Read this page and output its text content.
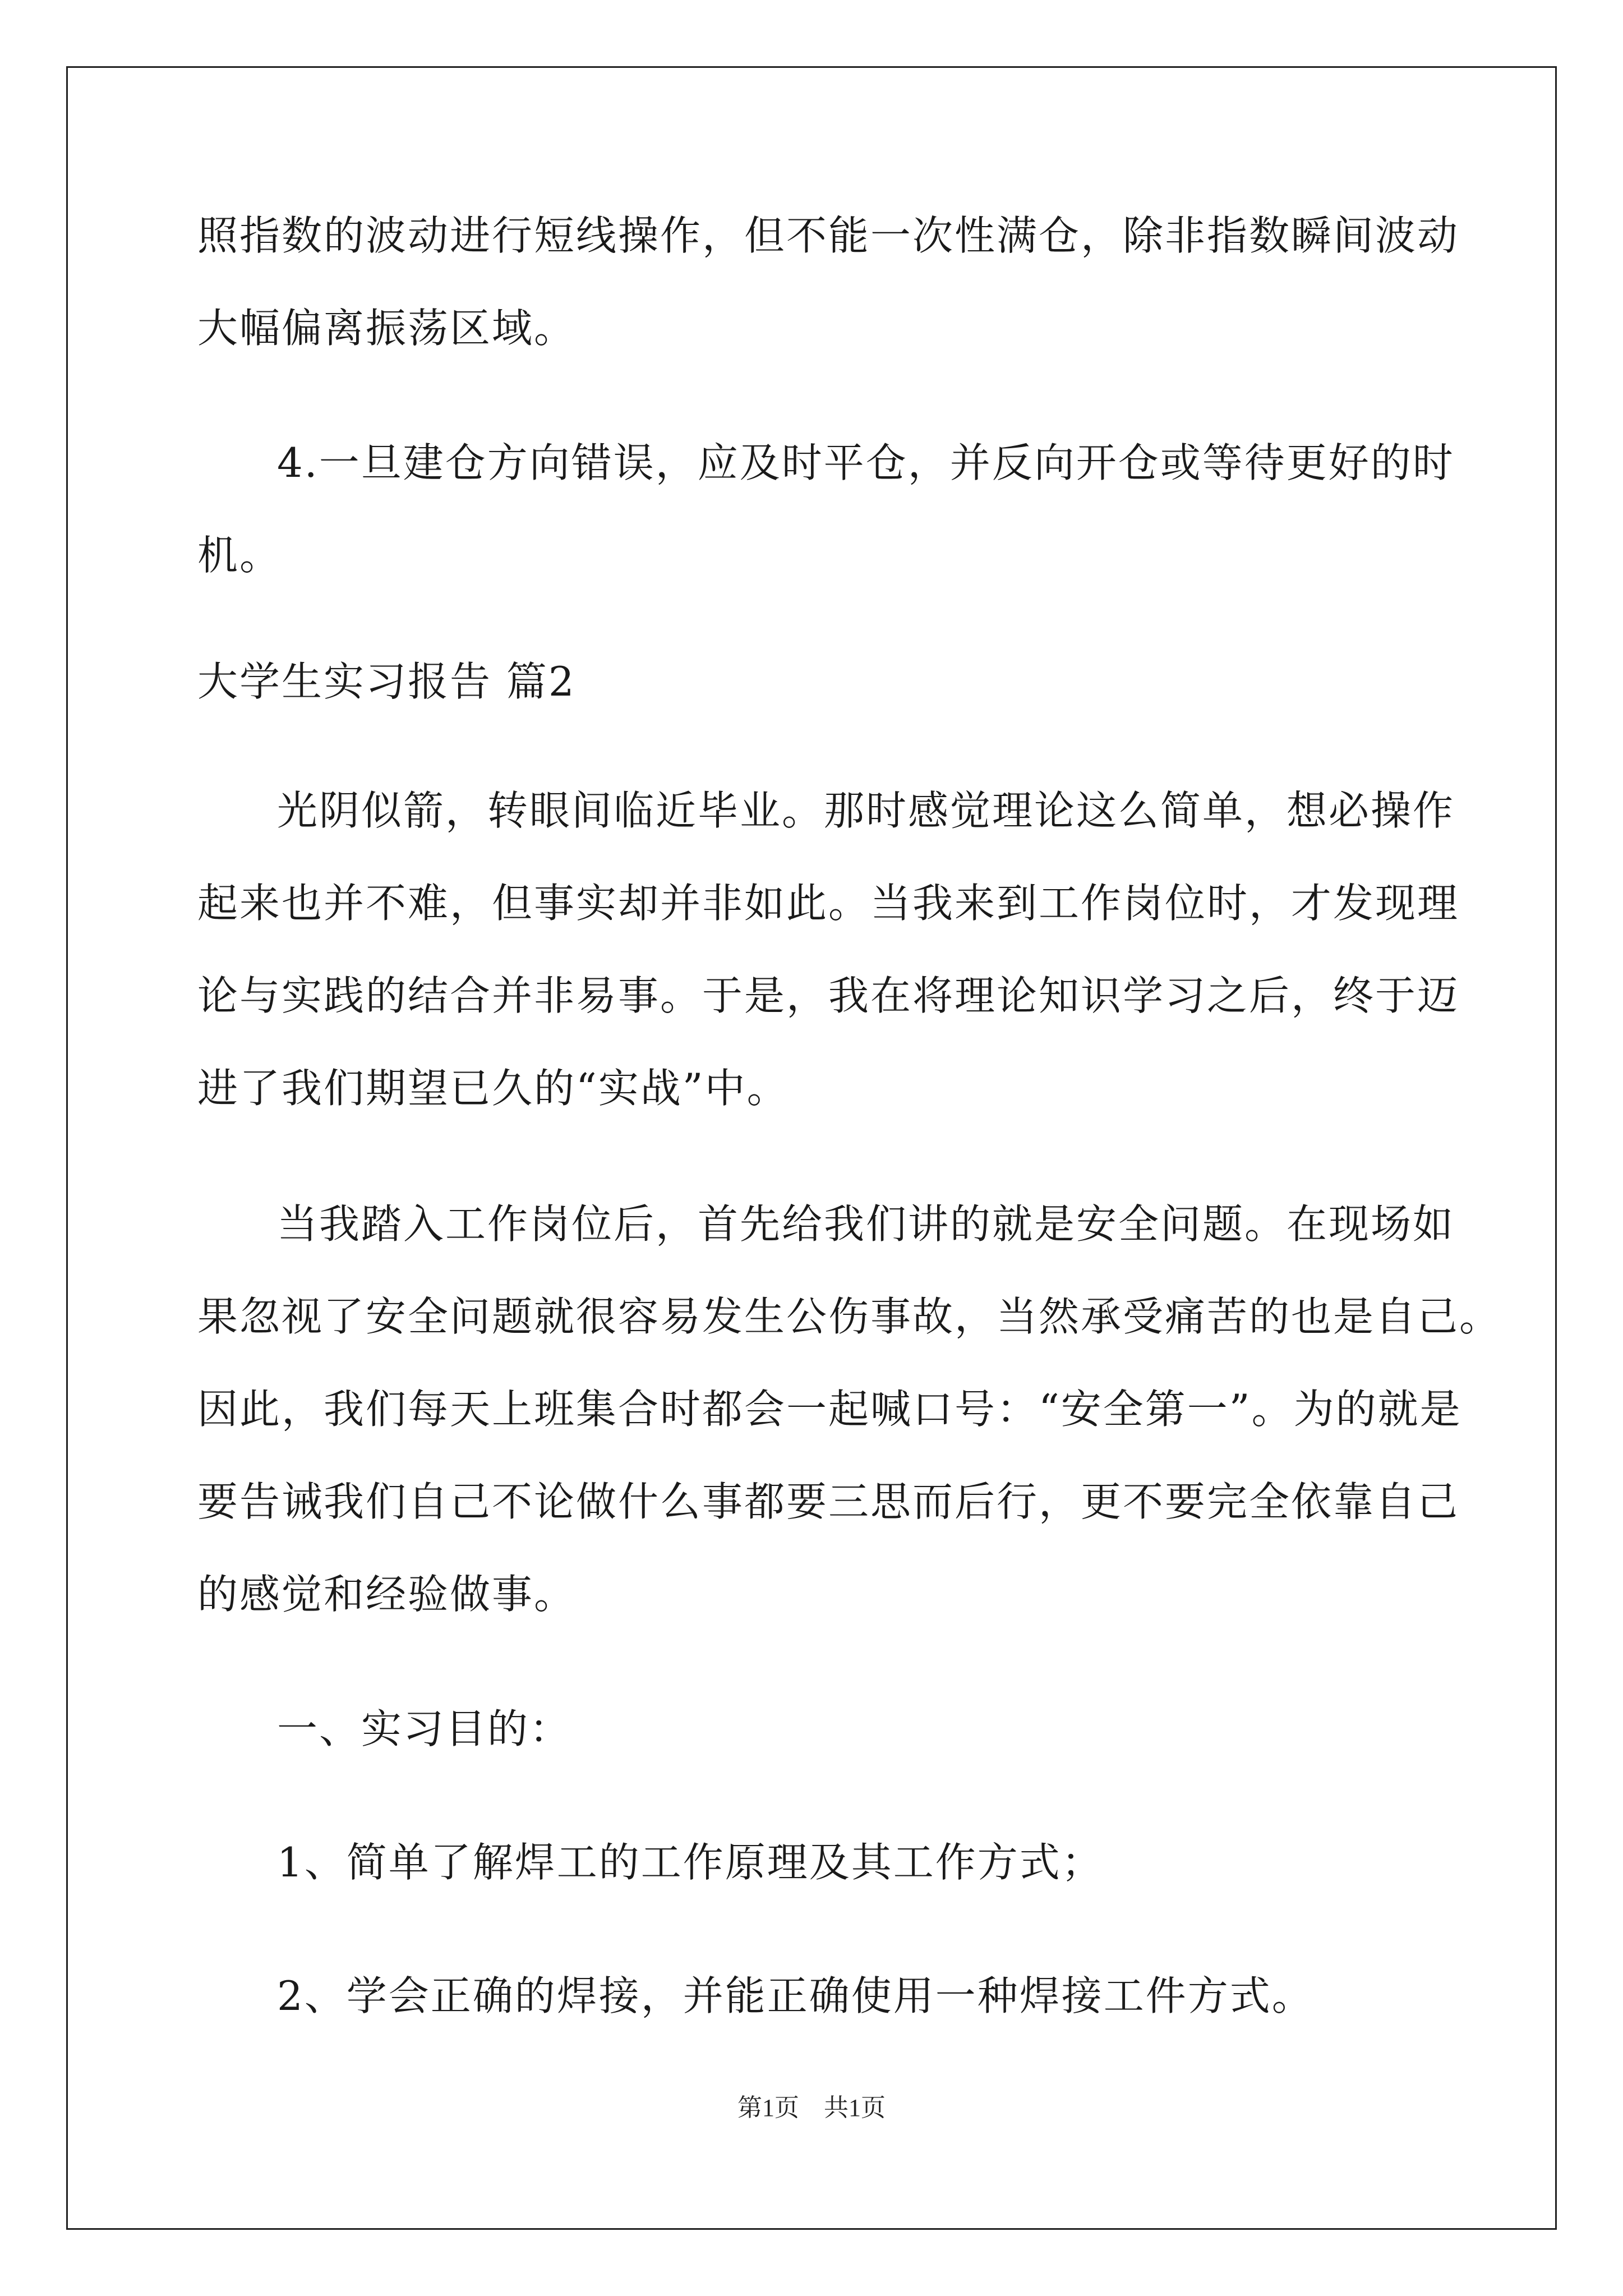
照指数的波动进行短线操作，但不能一次性满仓，除非指数瞬间波动
大幅偏离振荡区域。
4.一旦建仓方向错误，应及时平仓，并反向开仓或等待更好的时
机。
大学生实习报告 篇2
光阴似箭，转眼间临近毕业。那时感觉理论这么简单，想必操作
起来也并不难，但事实却并非如此。当我来到工作岗位时，才发现理
论与实践的结合并非易事。于是，我在将理论知识学习之后，终于迈
进了我们期望已久的“实战”中。
当我踏入工作岗位后，首先给我们讲的就是安全问题。在现场如
果忽视了安全问题就很容易发生公伤事故，当然承受痛苦的也是自己。
因此，我们每天上班集合时都会一起喊口号：“安全第一”。为的就是
要告诫我们自己不论做什么事都要三思而后行，更不要完全依靠自己
的感觉和经验做事。
一、实习目的：
1、简单了解焊工的工作原理及其工作方式；
2、学会正确的焊接，并能正确使用一种焊接工件方式。
第1页　共1页
